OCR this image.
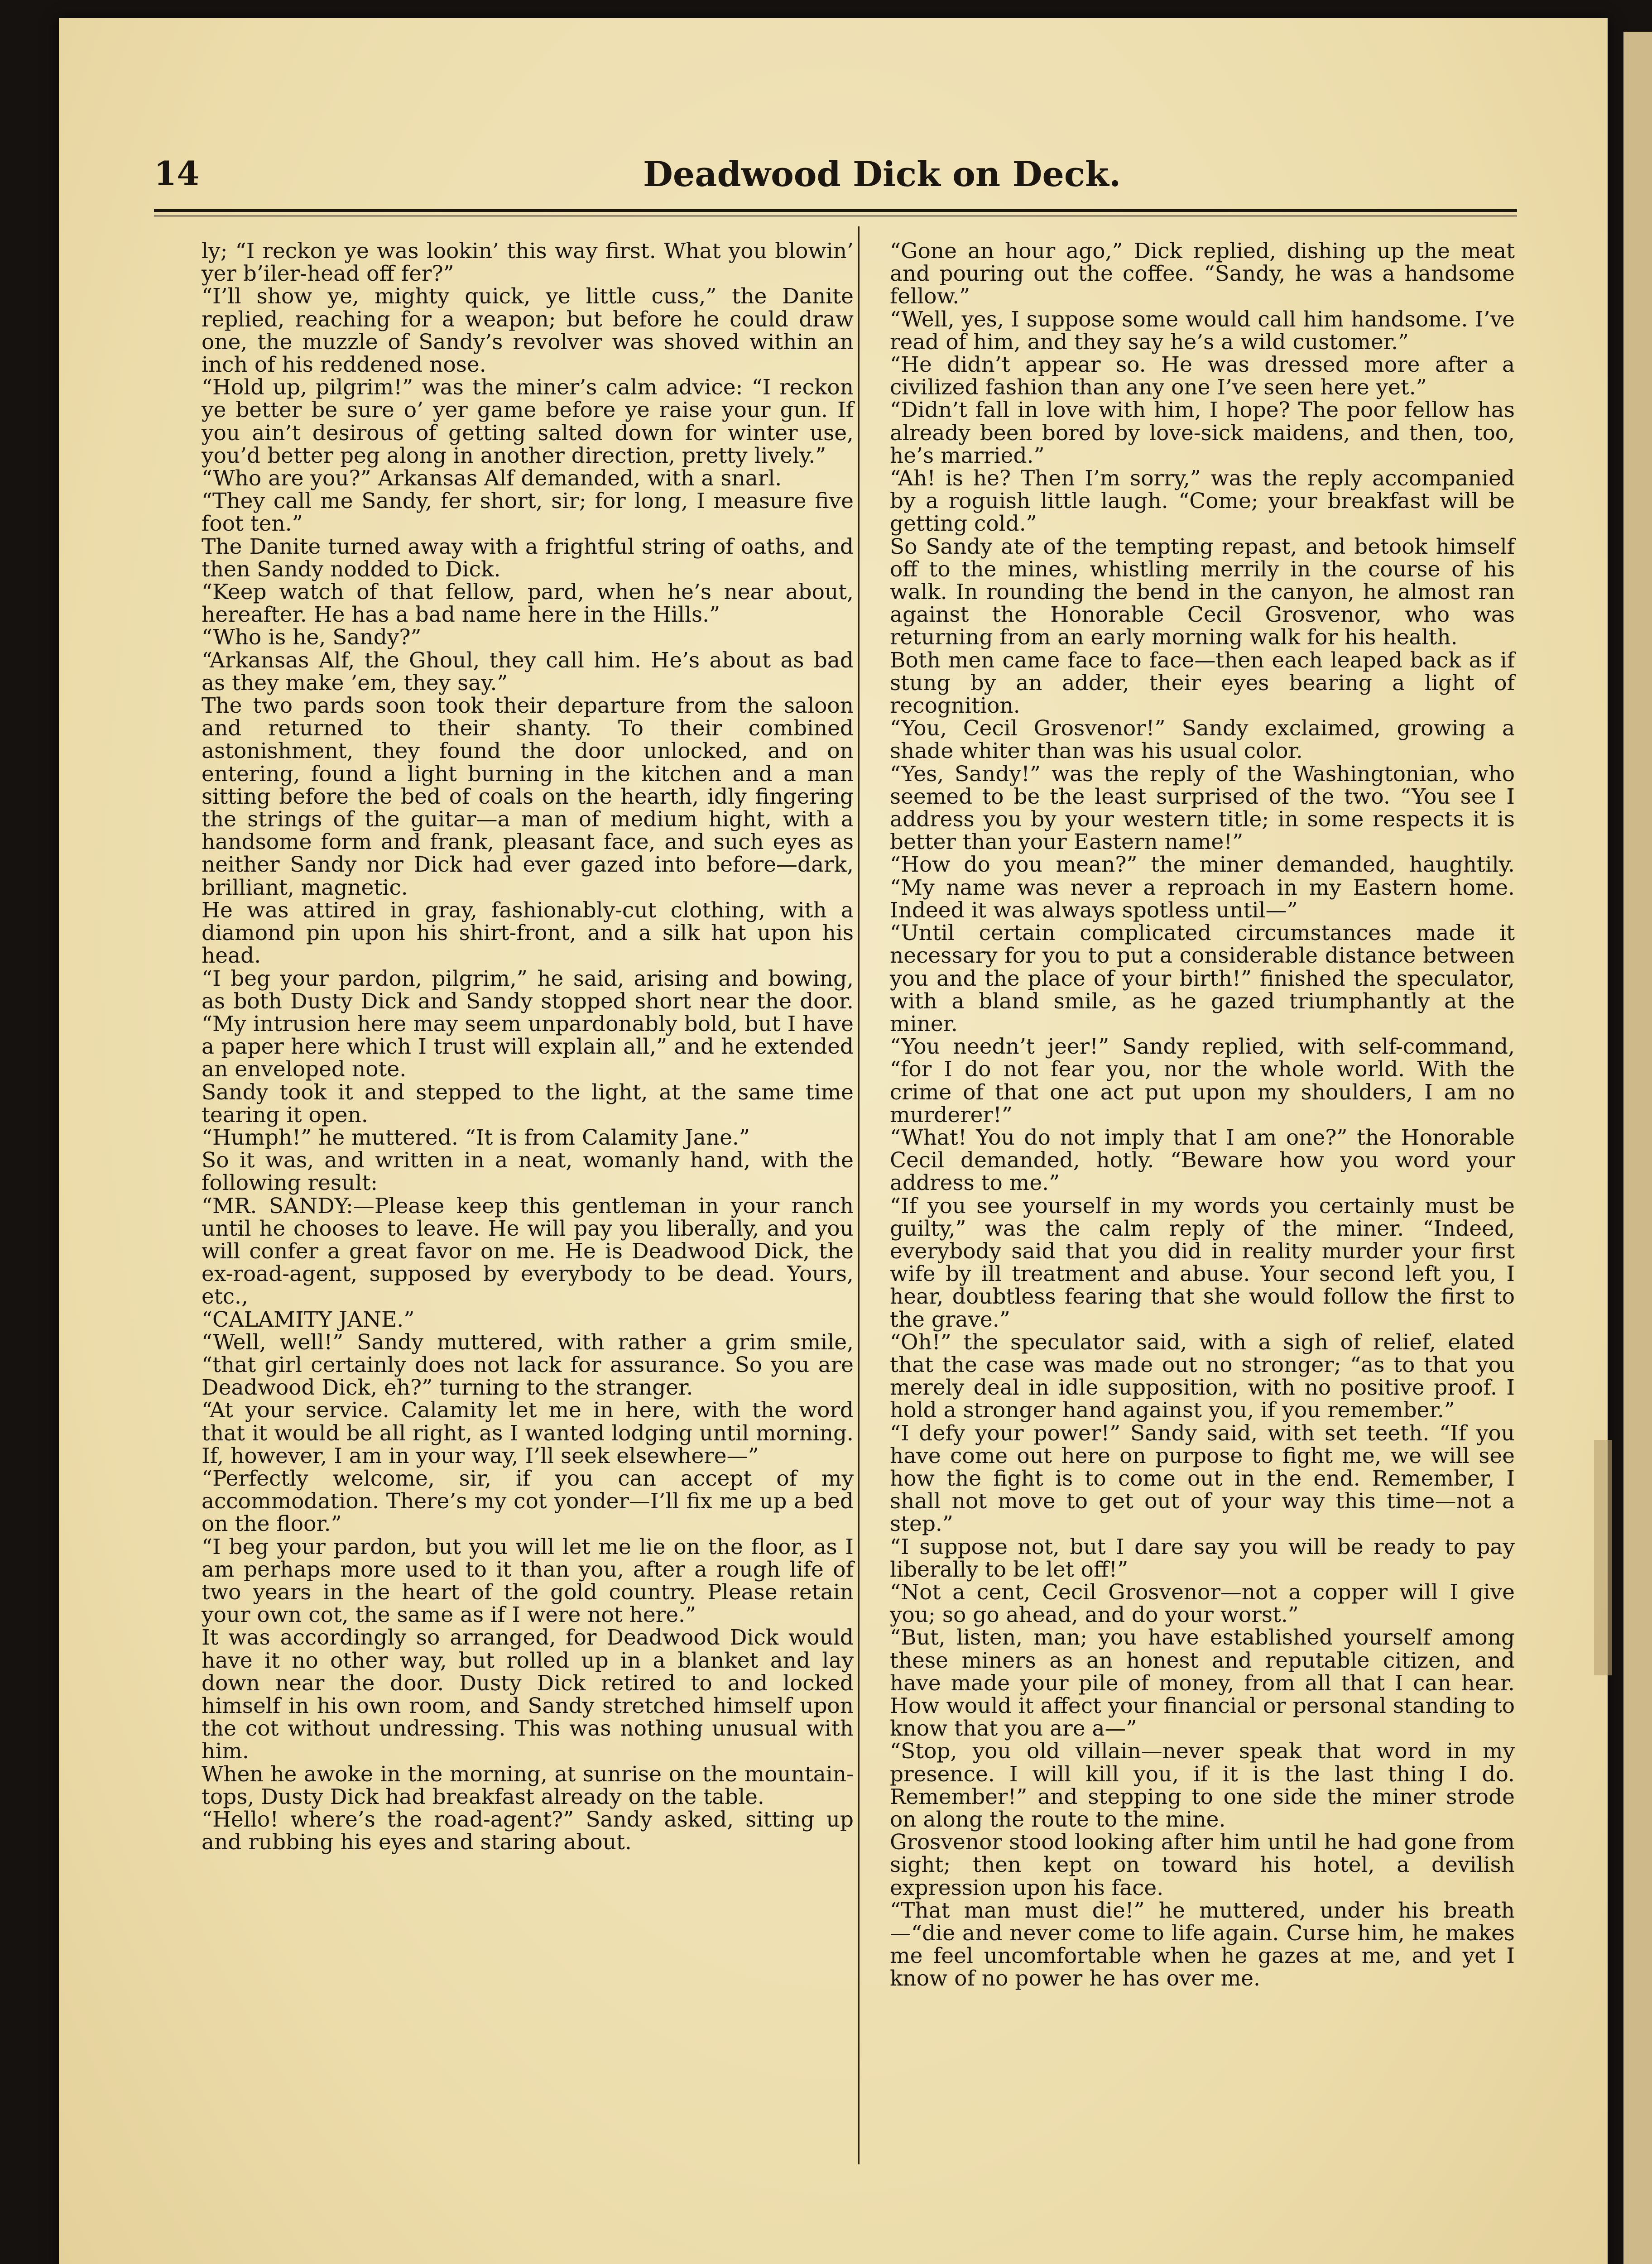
14	Deadwood Dick on Deck.

ly; “I reckon ye was lookin’ this way first. What you blowin’ yer b’iler-head off fer?”

“I’ll show ye, mighty quick, ye little cuss,” the Danite replied, reaching for a weapon; but before he could draw one, the muzzle of Sandy’s revolver was shoved within an inch of his reddened nose.

“Hold up, pilgrim!” was the miner’s calm advice: “I reckon ye better be sure o’ yer game before ye raise your gun. If you ain’t desirous of getting salted down for winter use, you’d better peg along in another direction, pretty lively.”

“Who are you?” Arkansas Alf demanded, with a snarl.

“They call me Sandy, fer short, sir; for long, I measure five foot ten.”

The Danite turned away with a frightful string of oaths, and then Sandy nodded to Dick.

“Keep watch of that fellow, pard, when he’s near about, hereafter. He has a bad name here in the Hills.”

“Who is he, Sandy?”

“Arkansas Alf, the Ghoul, they call him. He’s about as bad as they make ’em, they say.”

The two pards soon took their departure from the saloon and returned to their shanty. To their combined astonishment, they found the door unlocked, and on entering, found a light burning in the kitchen and a man sitting before the bed of coals on the hearth, idly fingering the strings of the guitar—a man of medium hight, with a handsome form and frank, pleasant face, and such eyes as neither Sandy nor Dick had ever gazed into before—dark, brilliant, magnetic.

He was attired in gray, fashionably-cut clothing, with a diamond pin upon his shirt-front, and a silk hat upon his head.

“I beg your pardon, pilgrim,” he said, arising and bowing, as both Dusty Dick and Sandy stopped short near the door. “My intrusion here may seem unpardonably bold, but I have a paper here which I trust will explain all,” and he extended an enveloped note.

Sandy took it and stepped to the light, at the same time tearing it open.

“Humph!” he muttered. “It is from Calamity Jane.”

So it was, and written in a neat, womanly hand, with the following result:

“MR. SANDY:—Please keep this gentleman in your ranch until he chooses to leave. He will pay you liberally, and you will confer a great favor on me. He is Deadwood Dick, the ex-road-agent, supposed by everybody to be dead. Yours, etc.,

“CALAMITY JANE.”

“Well, well!” Sandy muttered, with rather a grim smile, “that girl certainly does not lack for assurance. So you are Deadwood Dick, eh?” turning to the stranger.

“At your service. Calamity let me in here, with the word that it would be all right, as I wanted lodging until morning. If, however, I am in your way, I’ll seek elsewhere—”

“Perfectly welcome, sir, if you can accept of my accommodation. There’s my cot yonder—I’ll fix me up a bed on the floor.”

“I beg your pardon, but you will let me lie on the floor, as I am perhaps more used to it than you, after a rough life of two years in the heart of the gold country. Please retain your own cot, the same as if I were not here.”

It was accordingly so arranged, for Deadwood Dick would have it no other way, but rolled up in a blanket and lay down near the door. Dusty Dick retired to and locked himself in his own room, and Sandy stretched himself upon the cot without undressing. This was nothing unusual with him.

When he awoke in the morning, at sunrise on the mountain-tops, Dusty Dick had breakfast already on the table.

“Hello! where’s the road-agent?” Sandy asked, sitting up and rubbing his eyes and staring about.

“Gone an hour ago,” Dick replied, dishing up the meat and pouring out the coffee. “Sandy, he was a handsome fellow.”

“Well, yes, I suppose some would call him handsome. I’ve read of him, and they say he’s a wild customer.”

“He didn’t appear so. He was dressed more after a civilized fashion than any one I’ve seen here yet.”

“Didn’t fall in love with him, I hope? The poor fellow has already been bored by love-sick maidens, and then, too, he’s married.”

“Ah! is he? Then I’m sorry,” was the reply accompanied by a roguish little laugh. “Come; your breakfast will be getting cold.”

So Sandy ate of the tempting repast, and betook himself off to the mines, whistling merrily in the course of his walk. In rounding the bend in the canyon, he almost ran against the Honorable Cecil Grosvenor, who was returning from an early morning walk for his health.

Both men came face to face—then each leaped back as if stung by an adder, their eyes bearing a light of recognition.

“You, Cecil Grosvenor!” Sandy exclaimed, growing a shade whiter than was his usual color.

“Yes, Sandy!” was the reply of the Washingtonian, who seemed to be the least surprised of the two. “You see I address you by your western title; in some respects it is better than your Eastern name!”

“How do you mean?” the miner demanded, haughtily. “My name was never a reproach in my Eastern home. Indeed it was always spotless until—”

“Until certain complicated circumstances made it necessary for you to put a considerable distance between you and the place of your birth!” finished the speculator, with a bland smile, as he gazed triumphantly at the miner.

“You needn’t jeer!” Sandy replied, with self-command, “for I do not fear you, nor the whole world. With the crime of that one act put upon my shoulders, I am no murderer!”

“What! You do not imply that I am one?” the Honorable Cecil demanded, hotly. “Beware how you word your address to me.”

“If you see yourself in my words you certainly must be guilty,” was the calm reply of the miner. “Indeed, everybody said that you did in reality murder your first wife by ill treatment and abuse. Your second left you, I hear, doubtless fearing that she would follow the first to the grave.”

“Oh!” the speculator said, with a sigh of relief, elated that the case was made out no stronger; “as to that you merely deal in idle supposition, with no positive proof. I hold a stronger hand against you, if you remember.”

“I defy your power!” Sandy said, with set teeth. “If you have come out here on purpose to fight me, we will see how the fight is to come out in the end. Remember, I shall not move to get out of your way this time—not a step.”

“I suppose not, but I dare say you will be ready to pay liberally to be let off!”

“Not a cent, Cecil Grosvenor—not a copper will I give you; so go ahead, and do your worst.”

“But, listen, man; you have established yourself among these miners as an honest and reputable citizen, and have made your pile of money, from all that I can hear. How would it affect your financial or personal standing to know that you are a—”

“Stop, you old villain—never speak that word in my presence. I will kill you, if it is the last thing I do. Remember!” and stepping to one side the miner strode on along the route to the mine.

Grosvenor stood looking after him until he had gone from sight; then kept on toward his hotel, a devilish expression upon his face.

“That man must die!” he muttered, under his breath—“die and never come to life again. Curse him, he makes me feel uncomfortable when he gazes at me, and yet I know of no power he has over me.
